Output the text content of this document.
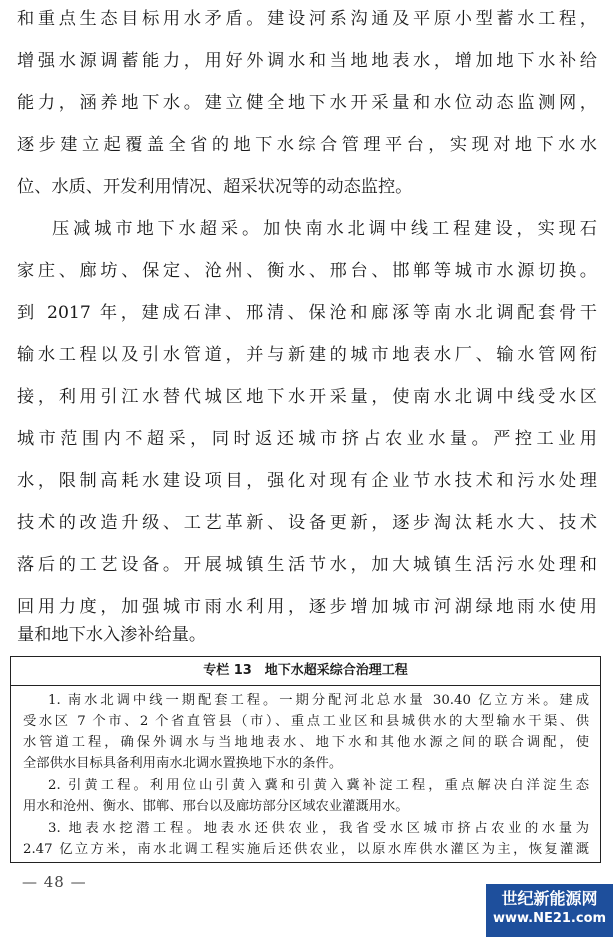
和重点生态目标用水矛盾。建设河系沟通及平原小型蓄水工程，
增强水源调蓄能力，用好外调水和当地地表水，增加地下水补给
能力，涵养地下水。建立健全地下水开采量和水位动态监测网，
逐步建立起覆盖全省的地下水综合管理平台，实现对地下水水
位、水质、开发利用情况、超采状况等的动态监控。
压减城市地下水超采。加快南水北调中线工程建设，实现石
家庄、廊坊、保定、沧州、衡水、邢台、邯郸等城市水源切换。
到 2017 年，建成石津、邢清、保沧和廊涿等南水北调配套骨干
输水工程以及引水管道，并与新建的城市地表水厂、输水管网衔
接，利用引江水替代城区地下水开采量，使南水北调中线受水区
城市范围内不超采，同时返还城市挤占农业水量。严控工业用
水，限制高耗水建设项目，强化对现有企业节水技术和污水处理
技术的改造升级、工艺革新、设备更新，逐步淘汰耗水大、技术
落后的工艺设备。开展城镇生活节水，加大城镇生活污水处理和
回用力度，加强城市雨水利用，逐步增加城市河湖绿地雨水使用
量和地下水入渗补给量。
专栏 13　地下水超采综合治理工程
1. 南水北调中线一期配套工程。一期分配河北总水量 30.40 亿立方米。建成
受水区 7 个市、2 个省直管县（市）、重点工业区和县城供水的大型输水干渠、供
水管道工程，确保外调水与当地地表水、地下水和其他水源之间的联合调配，使
全部供水目标具备利用南水北调水置换地下水的条件。
2. 引黄工程。利用位山引黄入冀和引黄入冀补淀工程，重点解决白洋淀生态
用水和沧州、衡水、邯郸、邢台以及廊坊部分区域农业灌溉用水。
3. 地表水挖潜工程。地表水还供农业，我省受水区城市挤占农业的水量为
2.47 亿立方米，南水北调工程实施后还供农业，以原水库供水灌区为主，恢复灌溉
— 48 —
世纪新能源网
www.NE21.com
